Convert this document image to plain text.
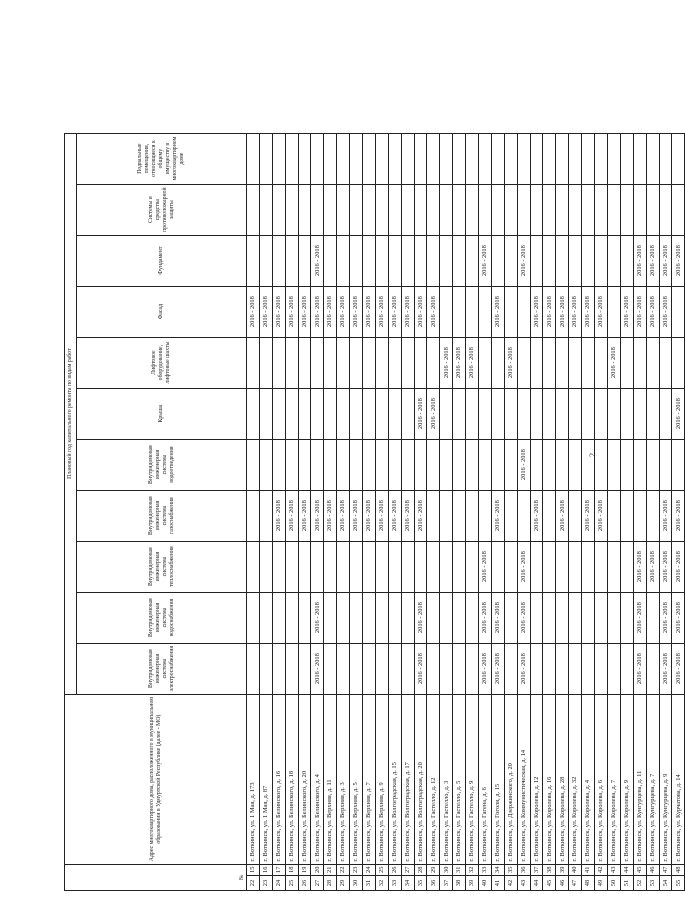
2
№		Адрес многоквартирного дома, расположенного в муниципальном образовании в Удмуртской Республике (далее - МО)	Плановый год капитального ремонта по видам работ										
			Внутридомовая инженерная система электроснабжения	Внутридомовая инженерная система водоснабжения	Внутридомовая инженерная система теплоснабжения	Внутридомовая инженерная система газоснабжения	Внутридомовая инженерная система водоотведения	Крыша	Лифтовое оборудование, лифтовые шахты	Фасад	Фундамент	Системы и средства противопожарной защиты	Подвальные помещения, относящиеся к общему имуществу в многоквартирном доме
22	15	г. Воткинск, ул. 1 Мая, д. 173								2016 - 2018			
23	16	г. Воткинск, ул. 1 Мая, д. 87								2016 - 2018			
24	17	г. Воткинск, ул. Белинского, д. 16				2016 - 2018				2016 - 2018			
25	18	г. Воткинск, ул. Белинского, д. 18				2016 - 2018				2016 - 2018			
26	19	г. Воткинск, ул. Белинского, д. 20				2016 - 2018				2016 - 2018			
27	20	г. Воткинск, ул. Белинского, д. 4	2016 - 2018	2016 - 2018		2016 - 2018				2016 - 2018	2016 - 2018		
28	21	г. Воткинск, ул. Верхняя, д. 11				2016 - 2018				2016 - 2018			
29	22	г. Воткинск, ул. Верхняя, д. 3				2016 - 2018				2016 - 2018			
30	23	г. Воткинск, ул. Верхняя, д. 5				2016 - 2018				2016 - 2018			
31	24	г. Воткинск, ул. Верхняя, д. 7				2016 - 2018				2016 - 2018			
32	25	г. Воткинск, ул. Верхняя, д. 9				2016 - 2018				2016 - 2018			
33	26	г. Воткинск, ул. Волгоградская, д. 15				2016 - 2018				2016 - 2018			
34	27	г. Воткинск, ул. Волгоградская, д. 17				2016 - 2018				2016 - 2018			
35	28	г. Воткинск, ул. Волгоградская, д. 20	2016 - 2018	2016 - 2018		2016 - 2018		2016 - 2018		2016 - 2018			
36	29	г. Воткинск, ул. Гастелло, д. 12						2016 - 2018		2016 - 2018			
37	30	г. Воткинск, ул. Гастелло, д. 3							2016 - 2018				
38	31	г. Воткинск, ул. Гастелло, д. 5							2016 - 2018				
39	32	г. Воткинск, ул. Гастелло, д. 9							2016 - 2018				
40	33	г. Воткинск, ул. Гагена, д. 6	2016 - 2018	2016 - 2018	2016 - 2018						2016 - 2018		
41	34	г. Воткинск, ул. Гоголя, д. 15	2016 - 2018	2016 - 2018		2016 - 2018				2016 - 2018			
42	35	г. Воткинск, ул. Дзержинского, д. 20							2016 - 2018				
43	36	г. Воткинск, ул. Коммунистическая, д. 14	2016 - 2018	2016 - 2018	2016 - 2018		2016 - 2018				2016 - 2018		
44	37	г. Воткинск, ул. Королева, д. 12				2016 - 2018				2016 - 2018			
45	38	г. Воткинск, ул. Королева, д. 16								2016 - 2018			
46	39	г. Воткинск, ул. Королева, д. 28				2016 - 2018				2016 - 2018			
47	40	г. Воткинск, ул. Королева, д. 32								2016 - 2018			
48	41	г. Воткинск, ул. Королева, д. 4				2016 - 2018				2016 - 2018			
49	42	г. Воткинск, ул. Королева, д. 6				2016 - 2018				2016 - 2018			
50	43	г. Воткинск, ул. Королева, д. 7							2016 - 2018				
51	44	г. Воткинск, ул. Королева, д. 9								2016 - 2018			
52	45	г. Воткинск, ул. Кунгурцева, д. 11	2016 - 2018	2016 - 2018	2016 - 2018					2016 - 2018	2016 - 2018		
53	46	г. Воткинск, ул. Кунгурцева, д. 7			2016 - 2018					2016 - 2018	2016 - 2018		
54	47	г. Воткинск, ул. Кунгурцева, д. 9	2016 - 2018	2016 - 2018	2016 - 2018	2016 - 2018				2016 - 2018	2016 - 2018		
55	48	г. Воткинск, ул. Курчатова, д. 14	2016 - 2018	2016 - 2018	2016 - 2018	2016 - 2018		2016 - 2018			2016 - 2018		
